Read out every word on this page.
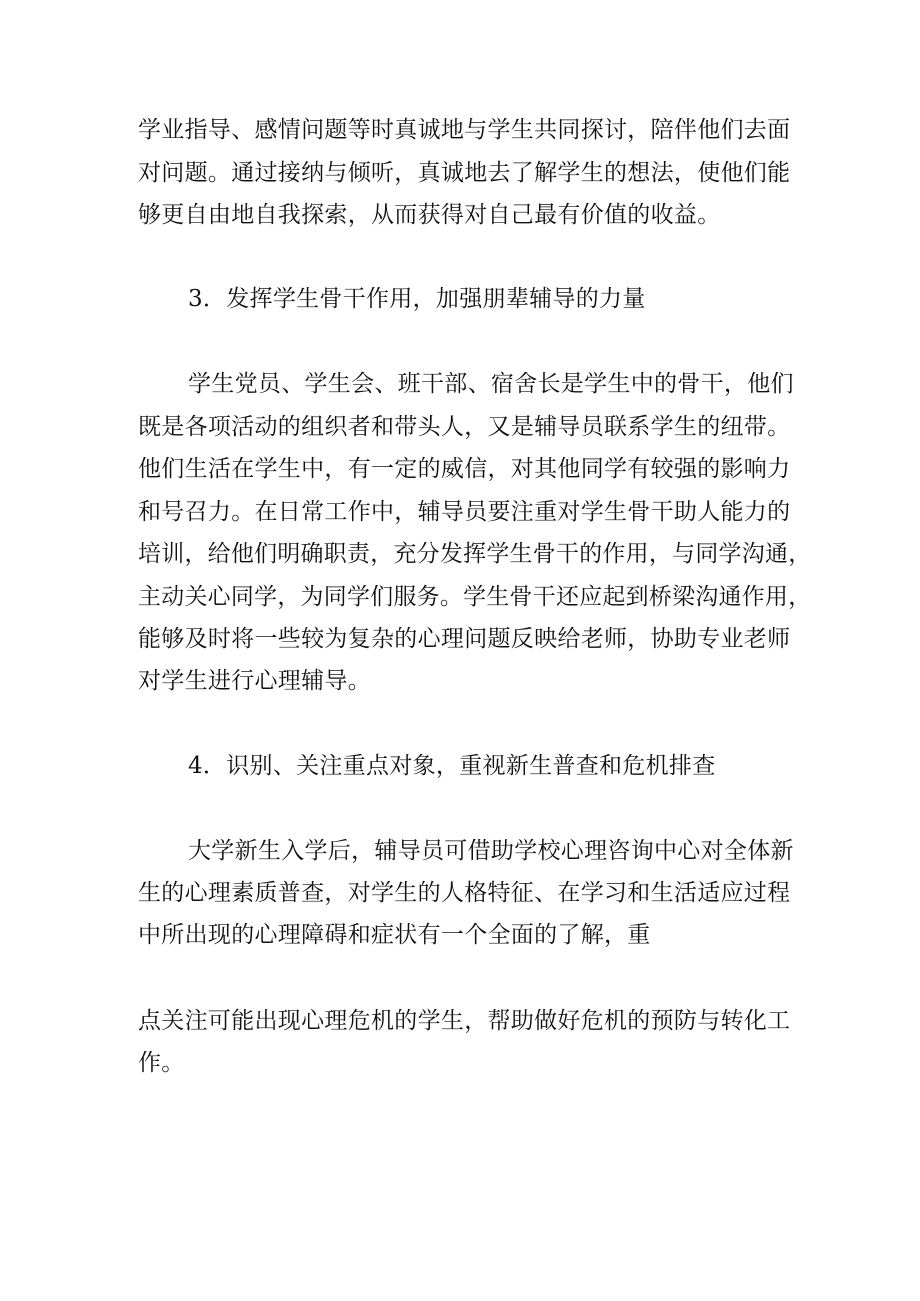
学业指导、感情问题等时真诚地与学生共同探讨，陪伴他们去面
对问题。通过接纳与倾听，真诚地去了解学生的想法，使他们能
够更自由地自我探索，从而获得对自己最有价值的收益。
3．发挥学生骨干作用，加强朋辈辅导的力量
学生党员、学生会、班干部、宿舍长是学生中的骨干，他们
既是各项活动的组织者和带头人，又是辅导员联系学生的纽带。
他们生活在学生中，有一定的威信，对其他同学有较强的影响力
和号召力。在日常工作中，辅导员要注重对学生骨干助人能力的
培训，给他们明确职责，充分发挥学生骨干的作用，与同学沟通，
主动关心同学，为同学们服务。学生骨干还应起到桥梁沟通作用，
能够及时将一些较为复杂的心理问题反映给老师，协助专业老师
对学生进行心理辅导。
4．识别、关注重点对象，重视新生普查和危机排查
大学新生入学后，辅导员可借助学校心理咨询中心对全体新
生的心理素质普查，对学生的人格特征、在学习和生活适应过程
中所出现的心理障碍和症状有一个全面的了解，重
点关注可能出现心理危机的学生，帮助做好危机的预防与转化工
作。
